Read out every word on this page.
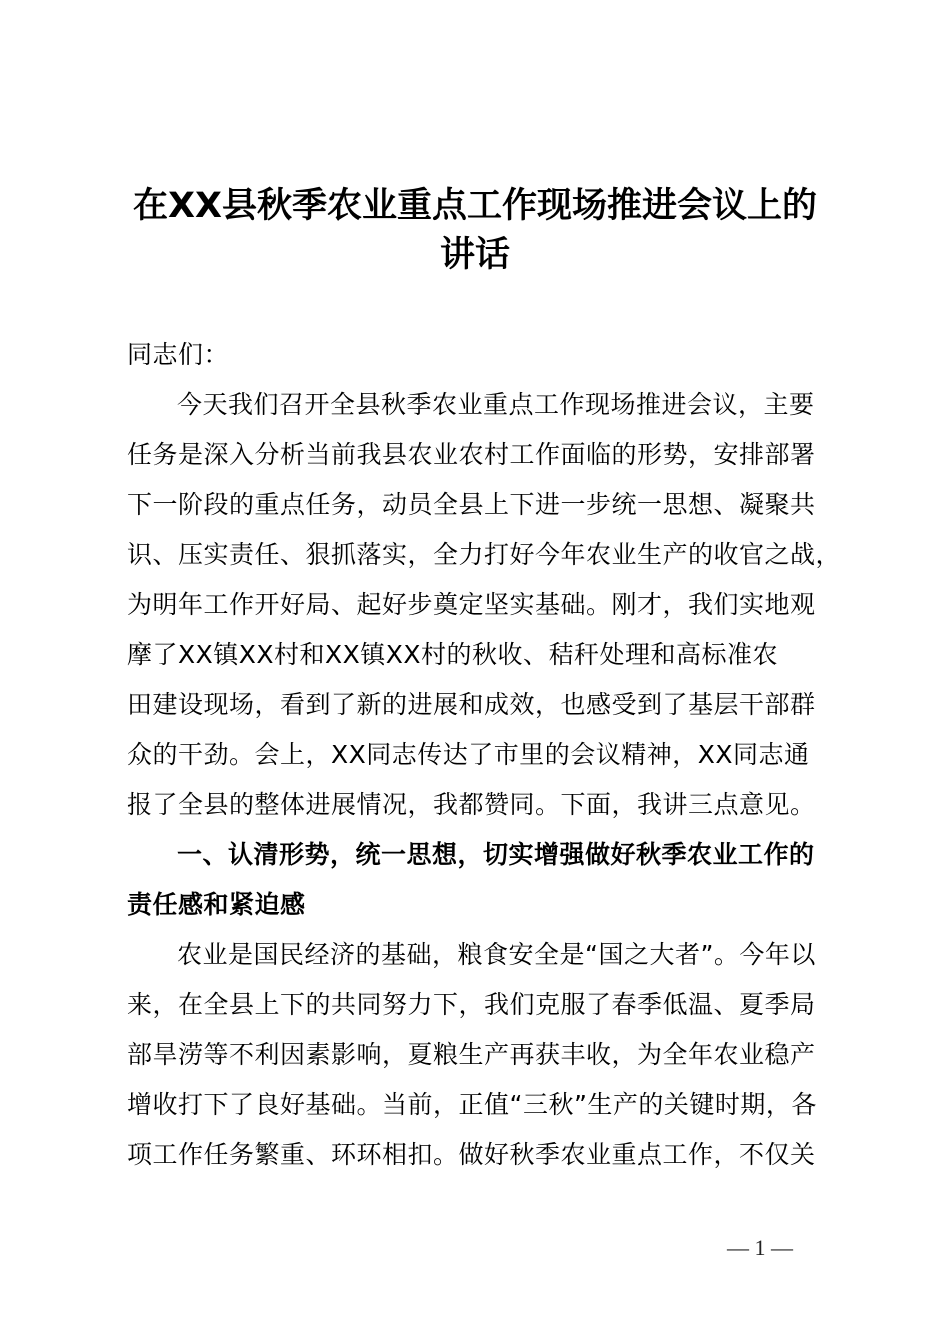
在XX县秋季农业重点工作现场推进会议上的
讲话
同志们：
今天我们召开全县秋季农业重点工作现场推进会议，主要
任务是深入分析当前我县农业农村工作面临的形势，安排部署
下一阶段的重点任务，动员全县上下进一步统一思想、凝聚共
识、压实责任、狠抓落实，全力打好今年农业生产的收官之战，
为明年工作开好局、起好步奠定坚实基础。刚才，我们实地观
摩了XX镇XX村和XX镇XX村的秋收、秸秆处理和高标准农
田建设现场，看到了新的进展和成效，也感受到了基层干部群
众的干劲。会上，XX同志传达了市里的会议精神，XX同志通
报了全县的整体进展情况，我都赞同。下面，我讲三点意见。
一、认清形势，统一思想，切实增强做好秋季农业工作的
责任感和紧迫感
农业是国民经济的基础，粮食安全是“国之大者”。今年以
来，在全县上下的共同努力下，我们克服了春季低温、夏季局
部旱涝等不利因素影响，夏粮生产再获丰收，为全年农业稳产
增收打下了良好基础。当前，正值“三秋”生产的关键时期，各
项工作任务繁重、环环相扣。做好秋季农业重点工作，不仅关
— 1 —
